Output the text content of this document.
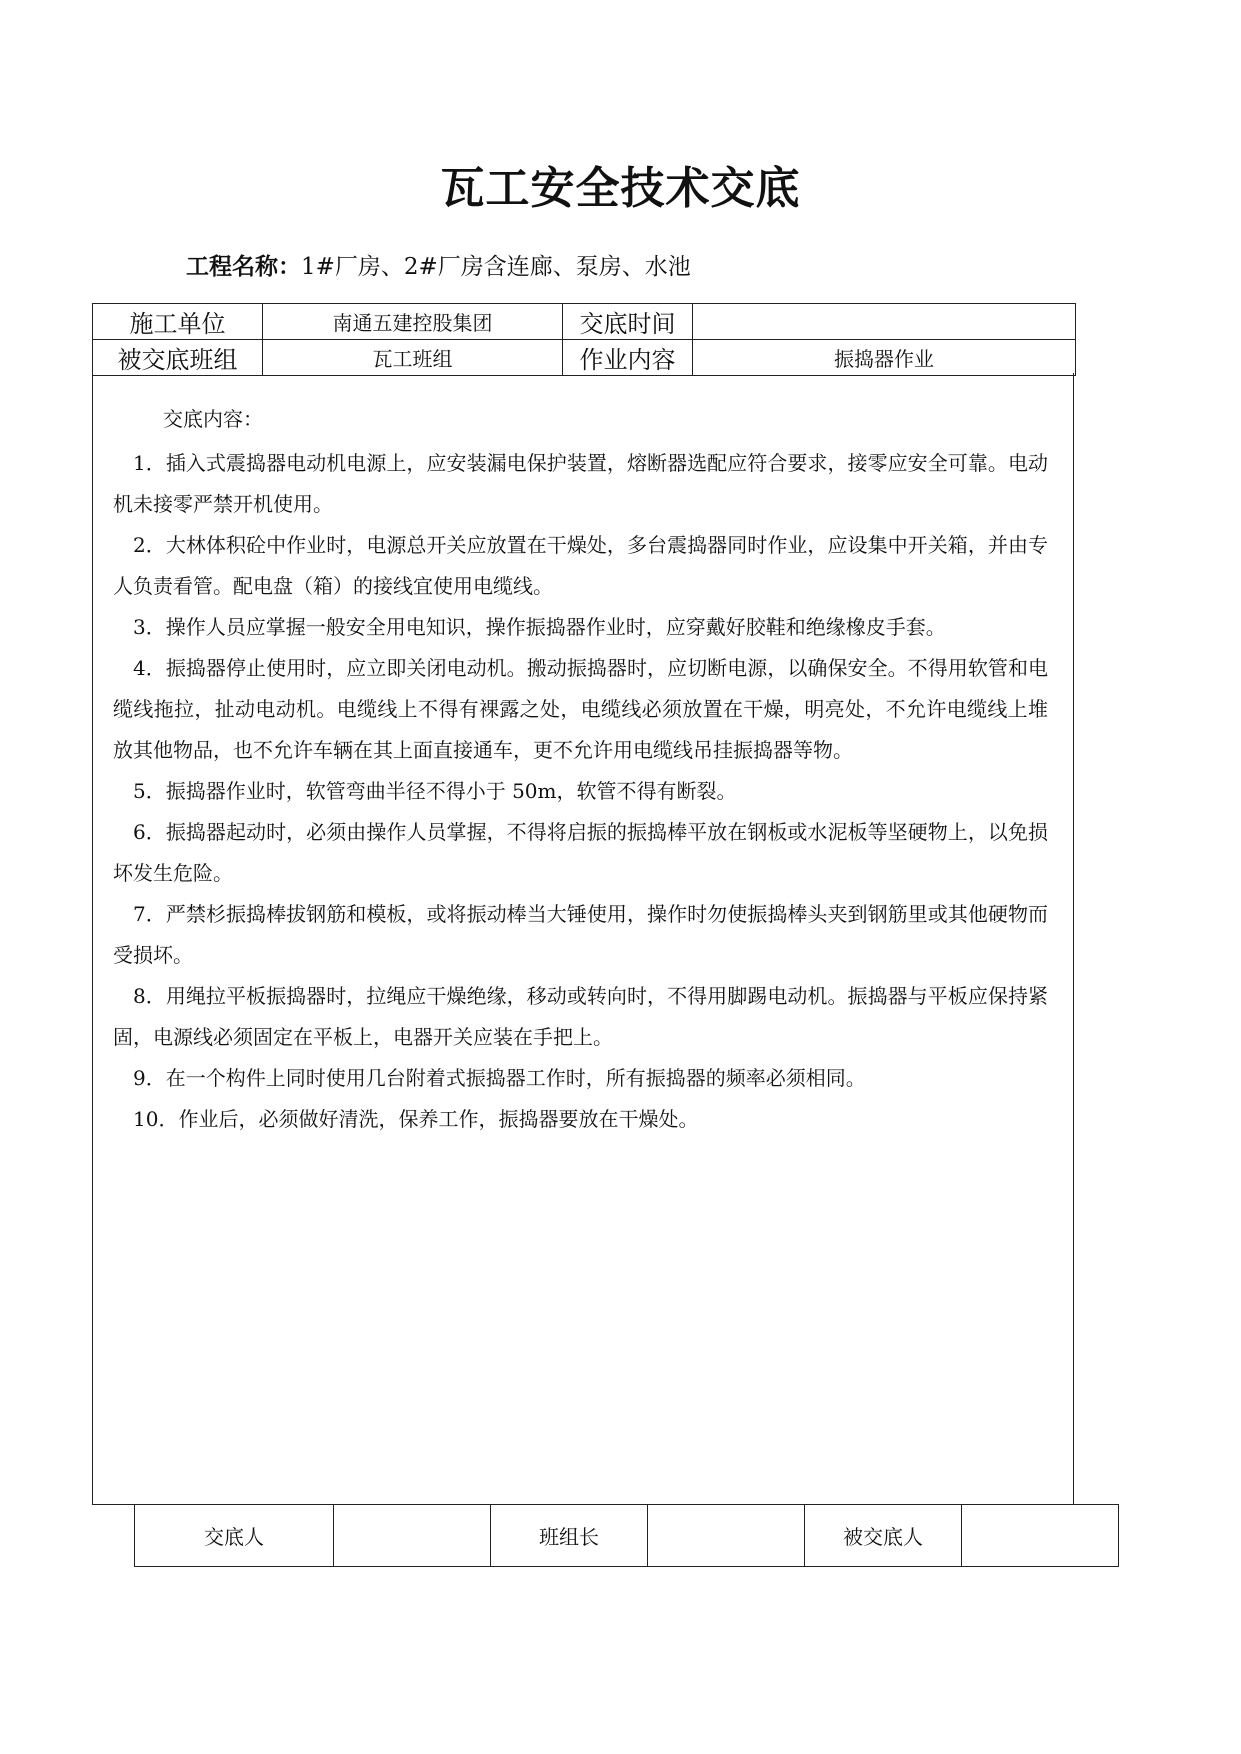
瓦工安全技术交底
工程名称：1#厂房、2#厂房含连廊、泵房、水池
施工单位	南通五建控股集团	交底时间	
被交底班组	瓦工班组	作业内容	振捣器作业
交底内容：
1．插入式震捣器电动机电源上，应安装漏电保护装置，熔断器选配应符合要求，接零应安全可靠。电动机未接零严禁开机使用。
2．大林体积砼中作业时，电源总开关应放置在干燥处，多台震捣器同时作业，应设集中开关箱，并由专人负责看管。配电盘（箱）的接线宜使用电缆线。
3．操作人员应掌握一般安全用电知识，操作振捣器作业时，应穿戴好胶鞋和绝缘橡皮手套。
4．振捣器停止使用时，应立即关闭电动机。搬动振捣器时，应切断电源，以确保安全。不得用软管和电缆线拖拉，扯动电动机。电缆线上不得有裸露之处，电缆线必须放置在干燥，明亮处，不允许电缆线上堆放其他物品，也不允许车辆在其上面直接通车，更不允许用电缆线吊挂振捣器等物。
5．振捣器作业时，软管弯曲半径不得小于 50m，软管不得有断裂。
6．振捣器起动时，必须由操作人员掌握，不得将启振的振捣棒平放在钢板或水泥板等坚硬物上，以免损坏发生危险。
7．严禁杉振捣棒拔钢筋和模板，或将振动棒当大锤使用，操作时勿使振捣棒头夹到钢筋里或其他硬物而受损坏。
8．用绳拉平板振捣器时，拉绳应干燥绝缘，移动或转向时，不得用脚踢电动机。振捣器与平板应保持紧固，电源线必须固定在平板上，电器开关应装在手把上。
9．在一个构件上同时使用几台附着式振捣器工作时，所有振捣器的频率必须相同。
10．作业后，必须做好清洗，保养工作，振捣器要放在干燥处。
交底人		班组长		被交底人	
